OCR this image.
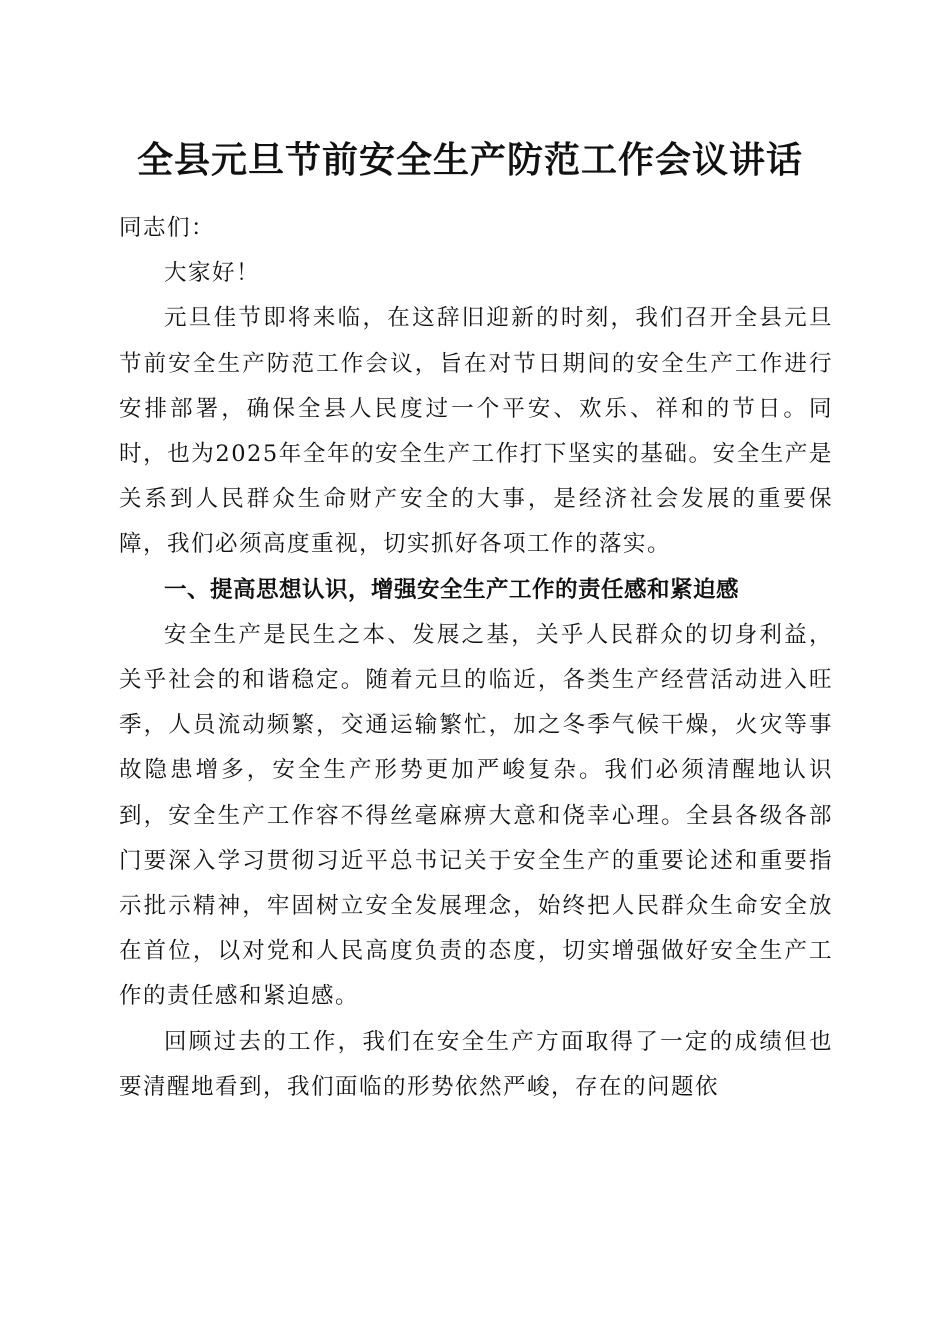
全县元旦节前安全生产防范工作会议讲话

同志们：

大家好！

元旦佳节即将来临，在这辞旧迎新的时刻，我们召开全县元旦节前安全生产防范工作会议，旨在对节日期间的安全生产工作进行安排部署，确保全县人民度过一个平安、欢乐、祥和的节日。同时，也为2025年全年的安全生产工作打下坚实的基础。安全生产是关系到人民群众生命财产安全的大事，是经济社会发展的重要保障，我们必须高度重视，切实抓好各项工作的落实。

一、提高思想认识，增强安全生产工作的责任感和紧迫感

安全生产是民生之本、发展之基，关乎人民群众的切身利益，关乎社会的和谐稳定。随着元旦的临近，各类生产经营活动进入旺季，人员流动频繁，交通运输繁忙，加之冬季气候干燥，火灾等事故隐患增多，安全生产形势更加严峻复杂。我们必须清醒地认识到，安全生产工作容不得丝毫麻痹大意和侥幸心理。全县各级各部门要深入学习贯彻习近平总书记关于安全生产的重要论述和重要指示批示精神，牢固树立安全发展理念，始终把人民群众生命安全放在首位，以对党和人民高度负责的态度，切实增强做好安全生产工作的责任感和紧迫感。

回顾过去的工作，我们在安全生产方面取得了一定的成绩但也要清醒地看到，我们面临的形势依然严峻，存在的问题依
